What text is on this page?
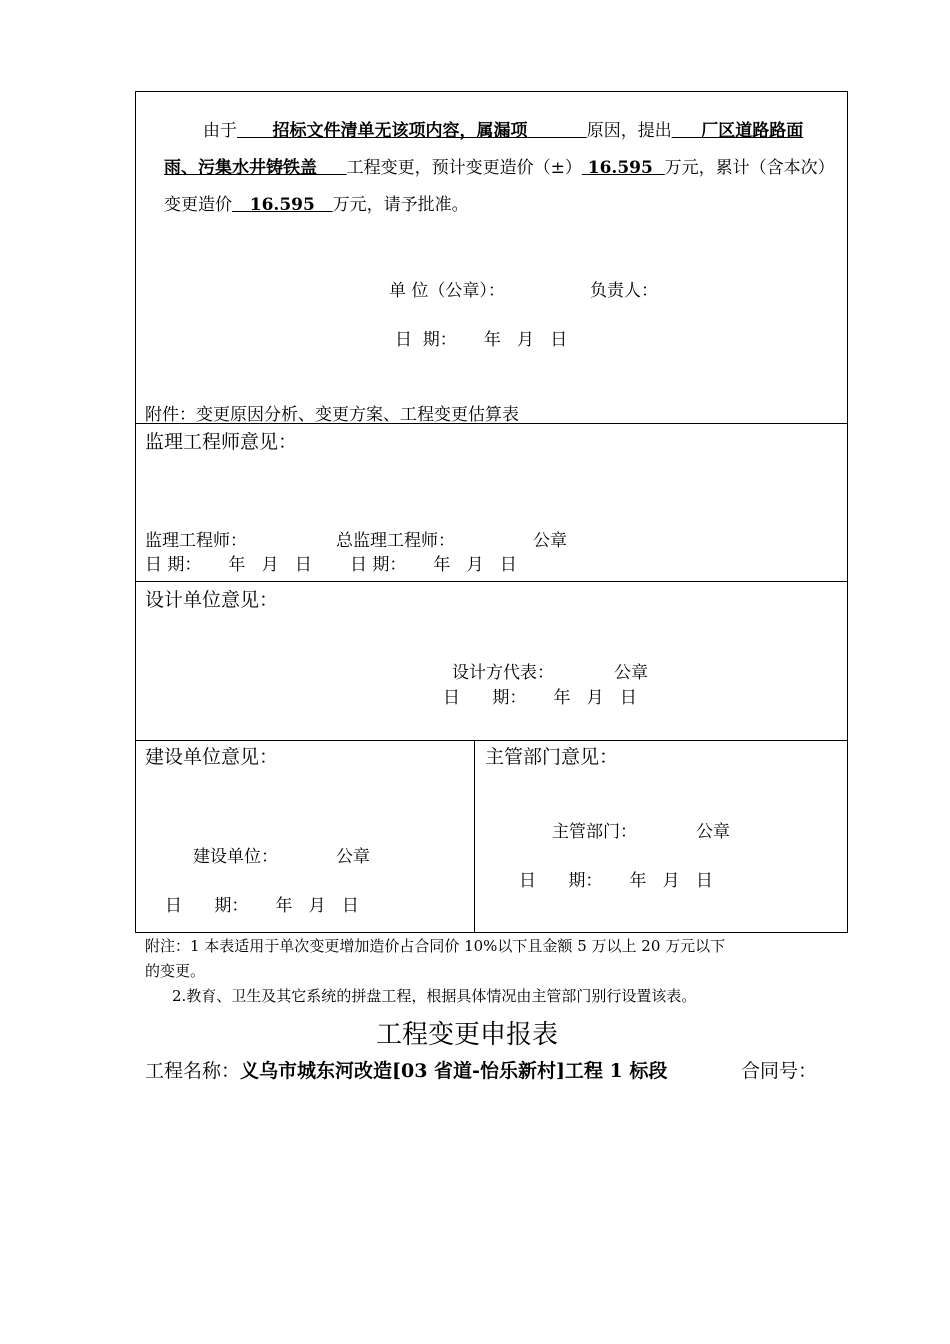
由于 招标文件清单无该项内容，属漏项	原因，提出 厂区道路路面
雨、污集水井铸铁盖 工程变更，预计变更造价（±） 16.595 万元，累计（含本次）
变更造价 16.595 万元，请予批准。
单 位（公章）：	负责人：
日  期：     年   月   日
附件：变更原因分析、变更方案、工程变更估算表
监理工程师意见：
监理工程师：	总监理工程师：	公章
日 期：     年   月   日 日 期：     年   月   日
设计单位意见：
设计方代表：	公章
日      期：     年   月   日
建设单位意见：
建设单位：	公章
日      期：     年   月   日
主管部门意见：
主管部门：	公章
日      期：     年   月   日
附注：1 本表适用于单次变更增加造价占合同价 10%以下且金额 5 万以上 20 万元以下
的变更。
2.教育、卫生及其它系统的拼盘工程，根据具体情况由主管部门别行设置该表。
工程变更申报表
工程名称：义乌市城东河改造[03 省道-怡乐新村]工程 1 标段	合同号：
